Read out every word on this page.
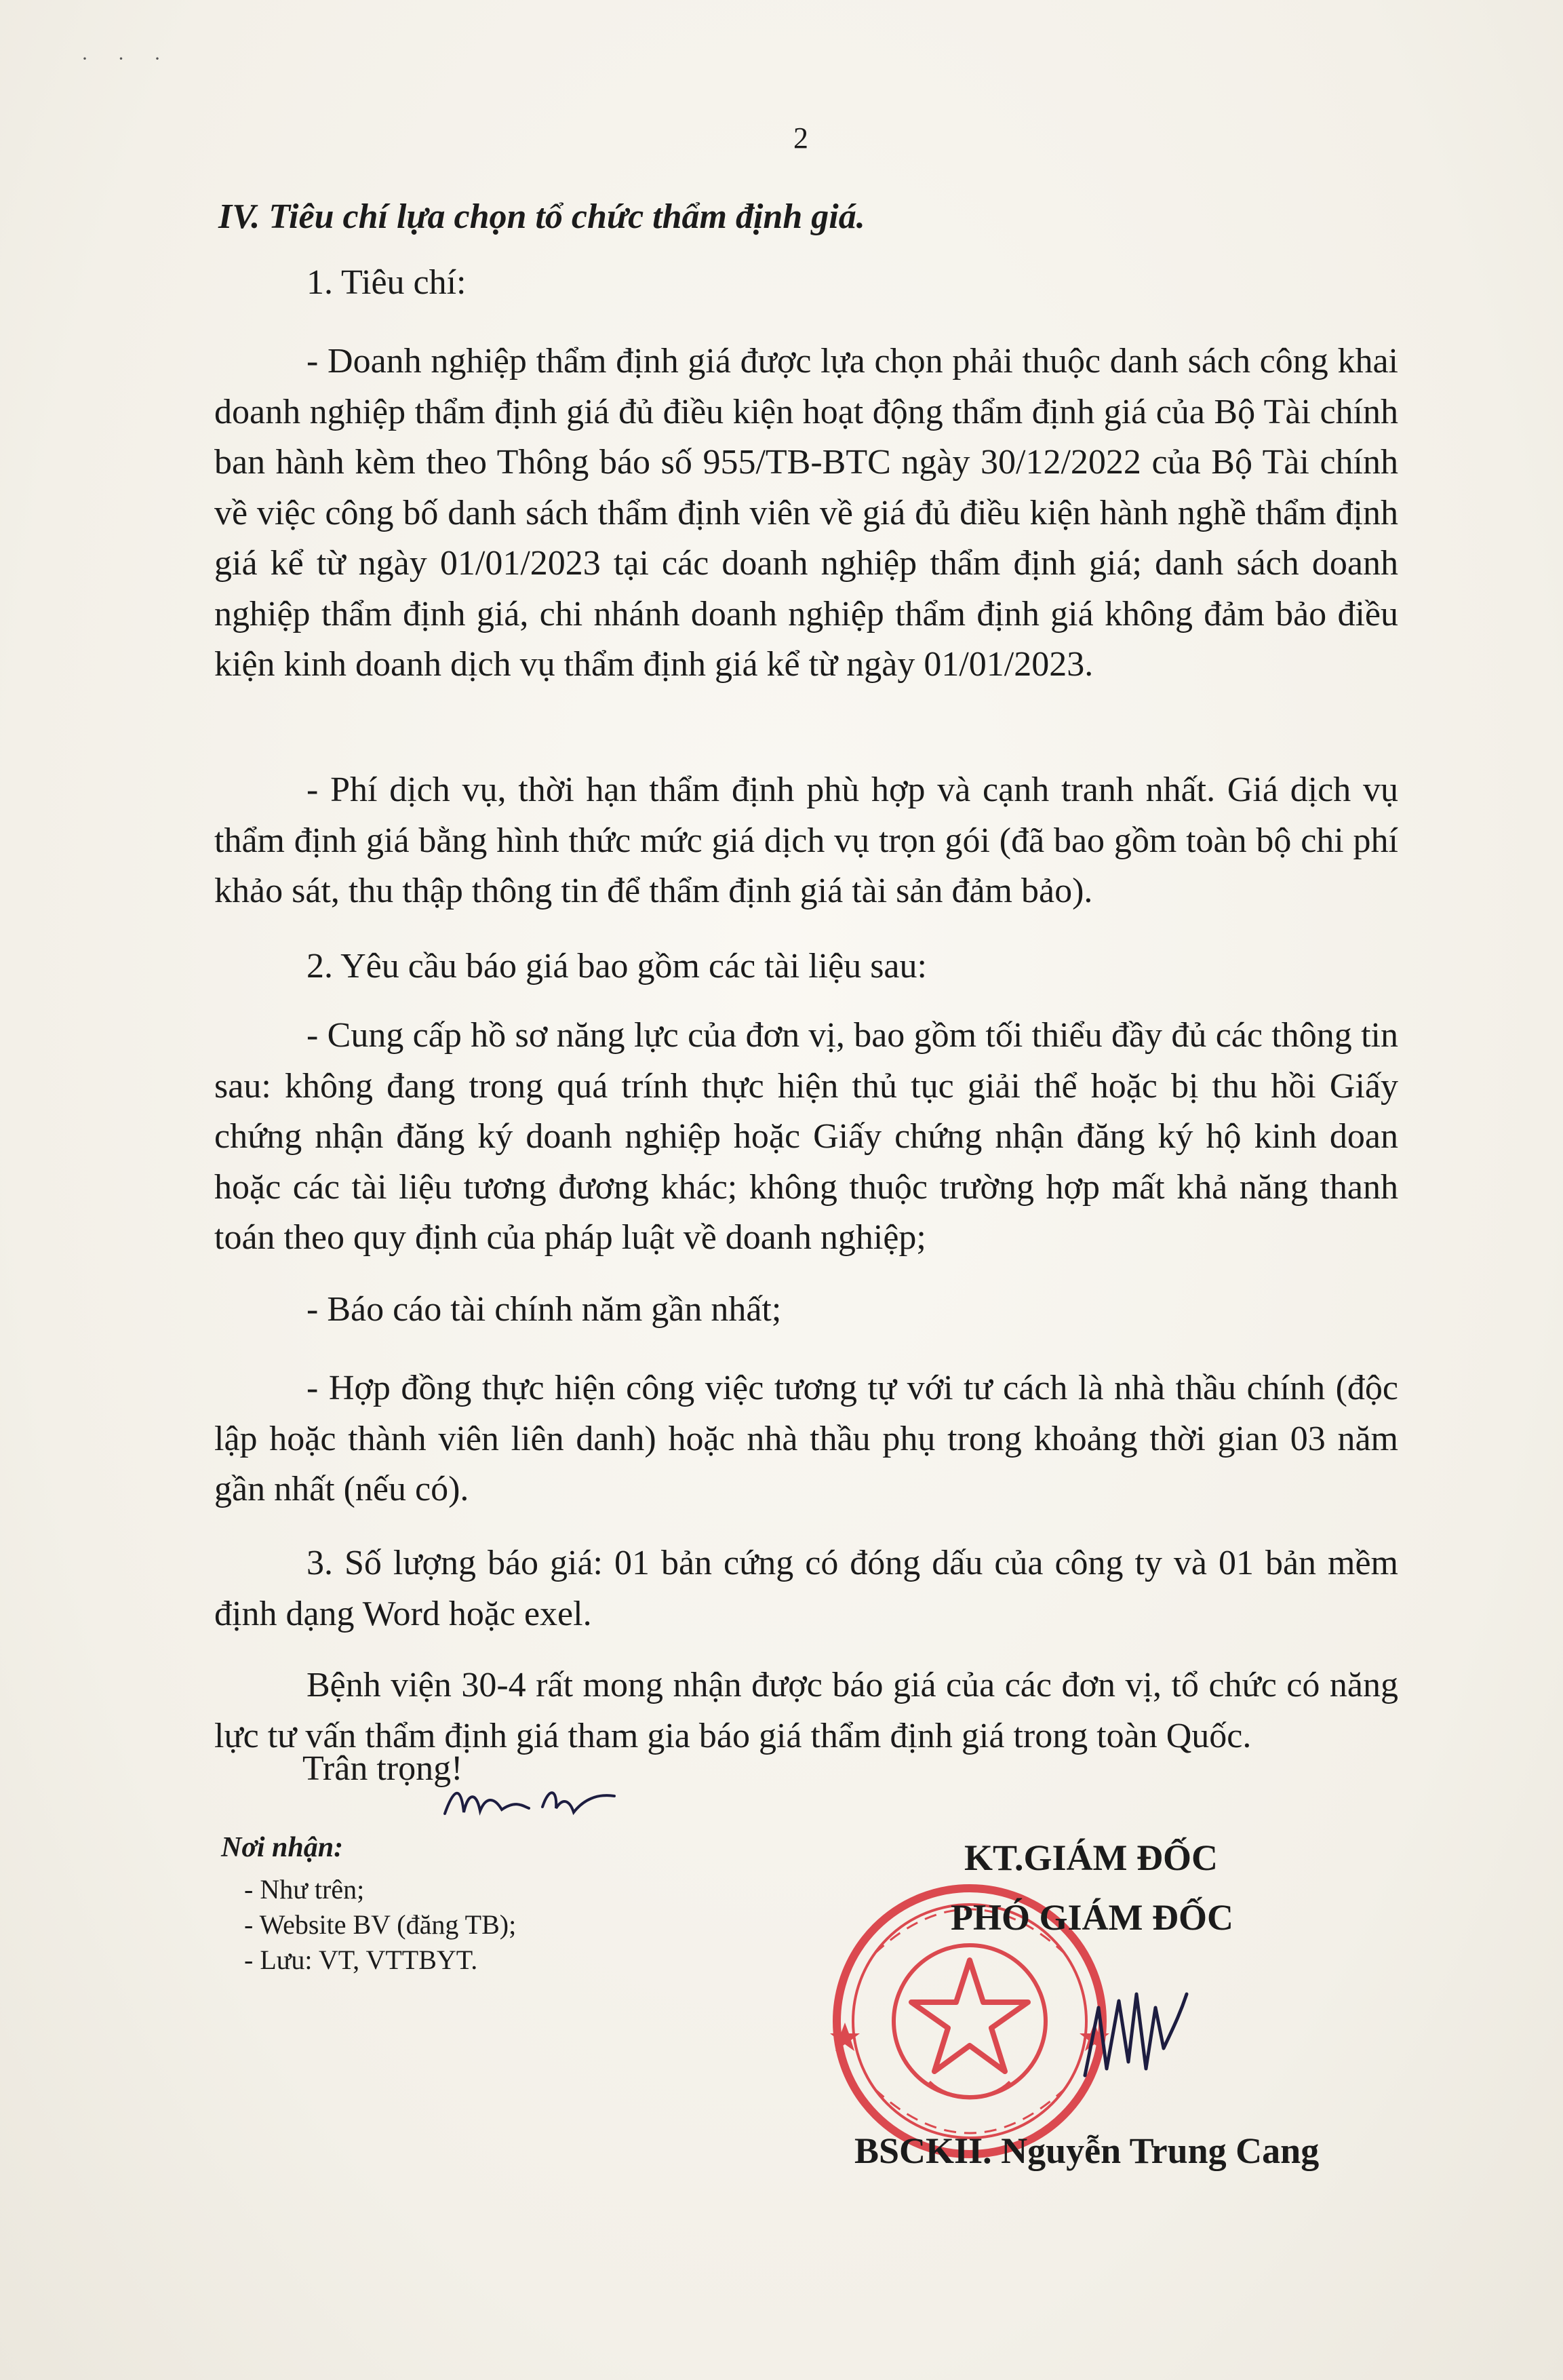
· · ·
2
IV. Tiêu chí lựa chọn tổ chức thẩm định giá.
1. Tiêu chí:
- Doanh nghiệp thẩm định giá được lựa chọn phải thuộc danh sách công khai doanh nghiệp thẩm định giá đủ điều kiện hoạt động thẩm định giá của Bộ Tài chính ban hành kèm theo Thông báo số 955/TB-BTC ngày 30/12/2022 của Bộ Tài chính về việc công bố danh sách thẩm định viên về giá đủ điều kiện hành nghề thẩm định giá kể từ ngày 01/01/2023 tại các doanh nghiệp thẩm định giá; danh sách doanh nghiệp thẩm định giá, chi nhánh doanh nghiệp thẩm định giá không đảm bảo điều kiện kinh doanh dịch vụ thẩm định giá kể từ ngày 01/01/2023.
- Phí dịch vụ, thời hạn thẩm định phù hợp và cạnh tranh nhất. Giá dịch vụ thẩm định giá bằng hình thức mức giá dịch vụ trọn gói (đã bao gồm toàn bộ chi phí khảo sát, thu thập thông tin để thẩm định giá tài sản đảm bảo).
2. Yêu cầu báo giá bao gồm các tài liệu sau:
- Cung cấp hồ sơ năng lực của đơn vị, bao gồm tối thiểu đầy đủ các thông tin sau: không đang trong quá trính thực hiện thủ tục giải thể hoặc bị thu hồi Giấy chứng nhận đăng ký doanh nghiệp hoặc Giấy chứng nhận đăng ký hộ kinh doan hoặc các tài liệu tương đương khác; không thuộc trường hợp mất khả năng thanh toán theo quy định của pháp luật về doanh nghiệp;
- Báo cáo tài chính năm gần nhất;
- Hợp đồng thực hiện công việc tương tự với tư cách là nhà thầu chính (độc lập hoặc thành viên liên danh) hoặc nhà thầu phụ trong khoảng thời gian 03 năm gần nhất (nếu có).
3. Số lượng báo giá: 01 bản cứng có đóng dấu của công ty và 01 bản mềm định dạng Word hoặc exel.
Bệnh viện 30-4 rất mong nhận được báo giá của các đơn vị, tổ chức có năng lực tư vấn thẩm định giá tham gia báo giá thẩm định giá trong toàn Quốc.
Trân trọng!
Nơi nhận:
- Như trên;
- Website BV (đăng TB);
- Lưu: VT, VTTBYT.
KT.GIÁM ĐỐC
PHÓ GIÁM ĐỐC
BSCKII. Nguyễn Trung Cang
